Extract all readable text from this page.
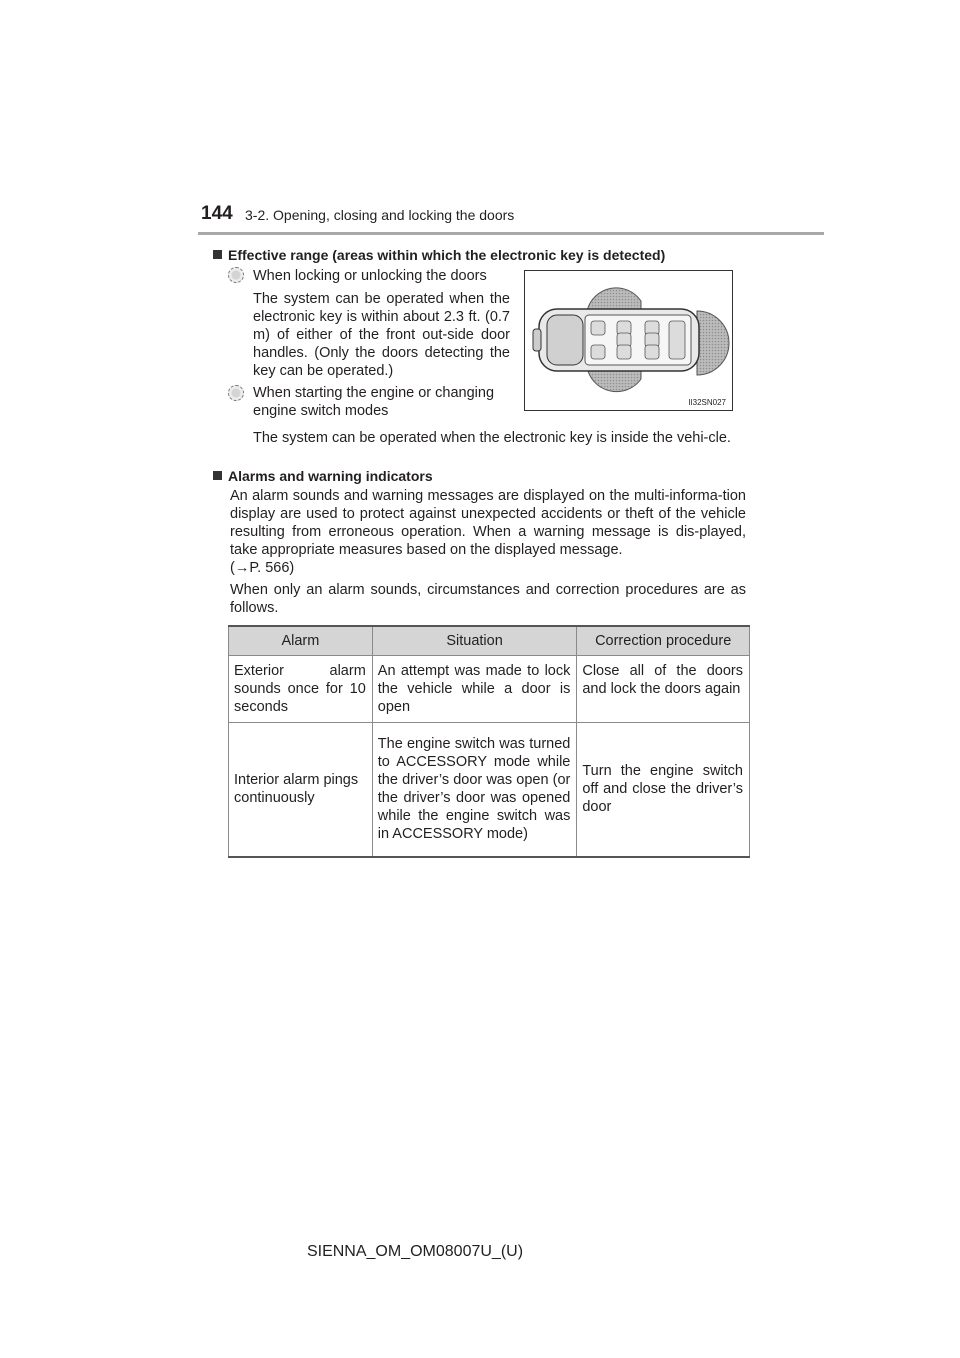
144 3-2. Opening, closing and locking the doors
Effective range (areas within which the electronic key is detected)
When locking or unlocking the doors
The system can be operated when the electronic key is within about 2.3 ft. (0.7 m) of either of the front out-side door handles. (Only the doors detecting the key can be operated.)
When starting the engine or changing engine switch modes
The system can be operated when the electronic key is inside the vehi-cle.
II32SN027
Alarms and warning indicators
An alarm sounds and warning messages are displayed on the multi-informa-tion display are used to protect against unexpected accidents or theft of the vehicle resulting from erroneous operation. When a warning message is dis-played, take appropriate measures based on the displayed message.
(→P. 566)
When only an alarm sounds, circumstances and correction procedures are as follows.
Alarm	Situation	Correction procedure
Exterior alarm sounds once for 10 seconds	An attempt was made to lock the vehicle while a door is open	Close all of the doors and lock the doors again
Interior alarm pings continuously	The engine switch was turned to ACCESSORY mode while the driver’s door was open (or the driver’s door was opened while the engine switch was in ACCESSORY mode)	Turn the engine switch off and close the driver’s door
SIENNA_OM_OM08007U_(U)
